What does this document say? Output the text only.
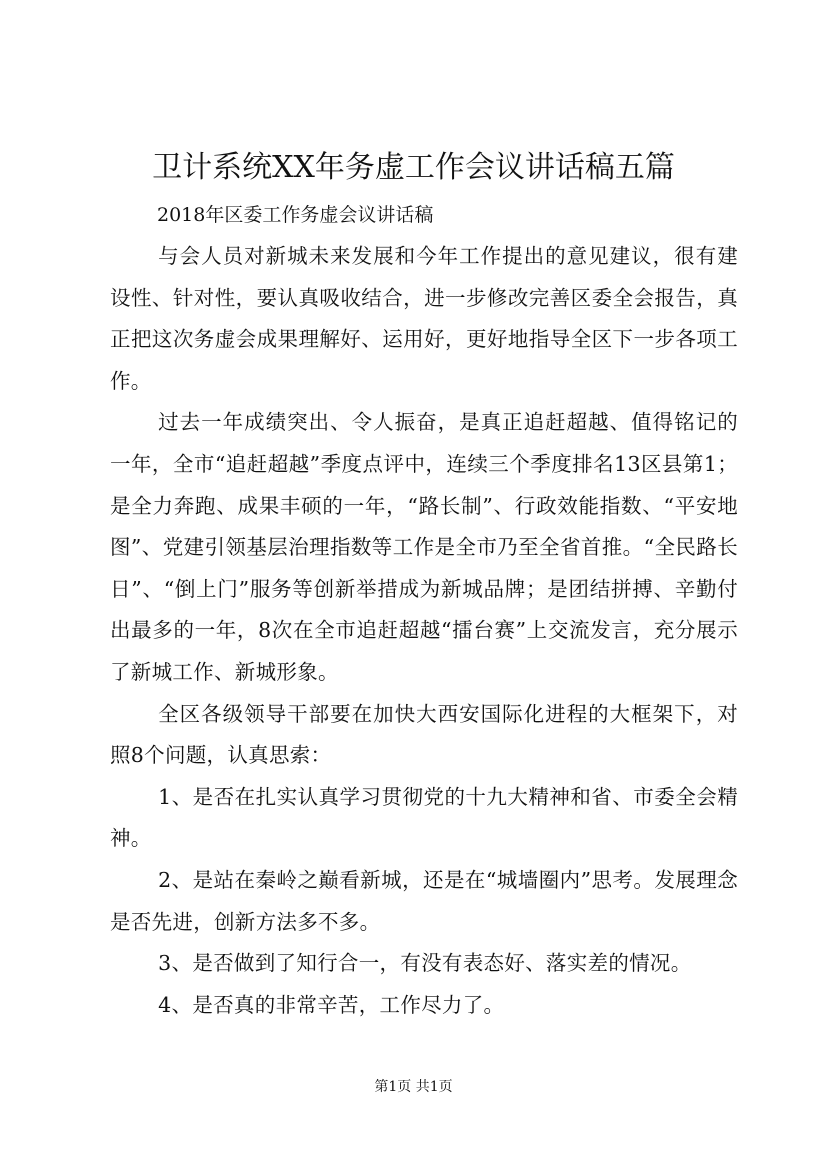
卫计系统XX年务虚工作会议讲话稿五篇

2018年区委工作务虚会议讲话稿

与会人员对新城未来发展和今年工作提出的意见建议，很有建设性、针对性，要认真吸收结合，进一步修改完善区委全会报告，真正把这次务虚会成果理解好、运用好，更好地指导全区下一步各项工作。

过去一年成绩突出、令人振奋，是真正追赶超越、值得铭记的一年，全市“追赶超越”季度点评中，连续三个季度排名13区县第1；是全力奔跑、成果丰硕的一年，“路长制”、行政效能指数、“平安地图”、党建引领基层治理指数等工作是全市乃至全省首推。“全民路长日”、“倒上门”服务等创新举措成为新城品牌；是团结拼搏、辛勤付出最多的一年，8次在全市追赶超越“擂台赛”上交流发言，充分展示了新城工作、新城形象。

全区各级领导干部要在加快大西安国际化进程的大框架下，对照8个问题，认真思索：

1、是否在扎实认真学习贯彻党的十九大精神和省、市委全会精神。

2、是站在秦岭之巅看新城，还是在“城墙圈内”思考。发展理念是否先进，创新方法多不多。

3、是否做到了知行合一，有没有表态好、落实差的情况。

4、是否真的非常辛苦，工作尽力了。

第1页 共1页
